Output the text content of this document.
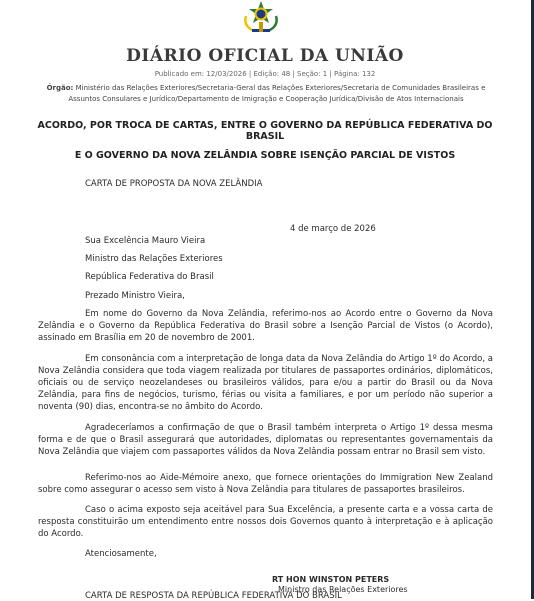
DIÁRIO OFICIAL DA UNIÃO
Publicado em: 12/03/2026 | Edição: 48 | Seção: 1 | Página: 132
Órgão: Ministério das Relações Exteriores/Secretaria-Geral das Relações Exteriores/Secretaria de Comunidades Brasileiras e
Assuntos Consulares e Jurídico/Departamento de Imigração e Cooperação Jurídica/Divisão de Atos Internacionais
ACORDO, POR TROCA DE CARTAS, ENTRE O GOVERNO DA REPÚBLICA FEDERATIVA DO BRASIL
E O GOVERNO DA NOVA ZELÂNDIA SOBRE ISENÇÃO PARCIAL DE VISTOS
CARTA DE PROPOSTA DA NOVA ZELÂNDIA
4 de março de 2026
Sua Excelência Mauro Vieira
Ministro das Relações Exteriores
República Federativa do Brasil
Prezado Ministro Vieira,
Em nome do Governo da Nova Zelândia, referimo-nos ao Acordo entre o Governo da Nova
Zelândia e o Governo da República Federativa do Brasil sobre a Isenção Parcial de Vistos (o Acordo),
assinado em Brasília em 20 de novembro de 2001.
Em consonância com a interpretação de longa data da Nova Zelândia do Artigo 1º do Acordo, a
Nova Zelândia considera que toda viagem realizada por titulares de passaportes ordinários, diplomáticos,
oficiais ou de serviço neozelandeses ou brasileiros válidos, para e/ou a partir do Brasil ou da Nova
Zelândia, para fins de negócios, turismo, férias ou visita a familiares, e por um período não superior a
noventa (90) dias, encontra-se no âmbito do Acordo.
Agradeceríamos a confirmação de que o Brasil também interpreta o Artigo 1º dessa mesma
forma e de que o Brasil assegurará que autoridades, diplomatas ou representantes governamentais da
Nova Zelândia que viajem com passaportes válidos da Nova Zelândia possam entrar no Brasil sem visto.
Referimo-nos ao Aide-Mémoire anexo, que fornece orientações do Immigration New Zealand
sobre como assegurar o acesso sem visto à Nova Zelândia para titulares de passaportes brasileiros.
Caso o acima exposto seja aceitável para Sua Excelência, a presente carta e a vossa carta de
resposta constituirão um entendimento entre nossos dois Governos quanto à interpretação e à aplicação
do Acordo.
Atenciosamente,
RT HON WINSTON PETERS
Ministro das Relações Exteriores
CARTA DE RESPOSTA DA REPÚBLICA FEDERATIVA DO BRASIL
